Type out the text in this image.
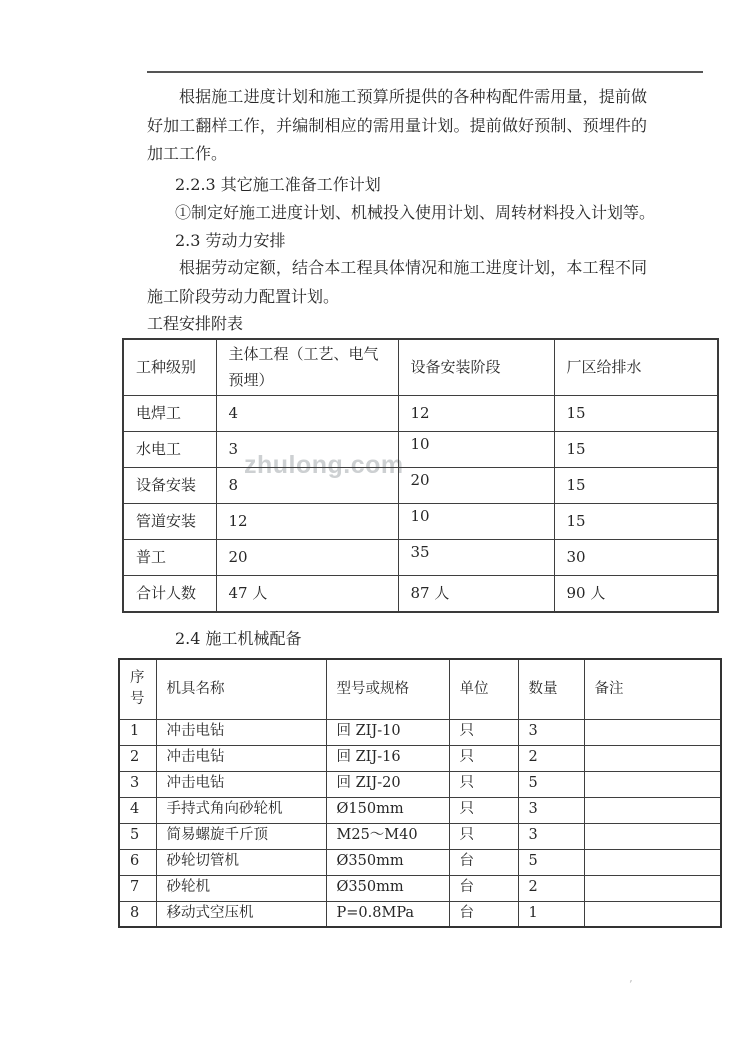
zhulong.com
根据施工进度计划和施工预算所提供的各种构配件需用量，提前做好加工翻样工作，并编制相应的需用量计划。提前做好预制、预埋件的加工工作。
2.2.3 其它施工准备工作计划
①制定好施工进度计划、机械投入使用计划、周转材料投入计划等。
2.3 劳动力安排
根据劳动定额，结合本工程具体情况和施工进度计划，本工程不同施工阶段劳动力配置计划。
工程安排附表
工种级别	主体工程（工艺、电气预埋）	设备安装阶段	厂区给排水
电焊工	4	12	15
水电工	3	10	15
设备安装	8	20	15
管道安装	12	10	15
普工	20	35	30
合计人数	47 人	87 人	90 人
2.4 施工机械配备
序号	机具名称	型号或规格	单位	数量	备注
1	冲击电钻	回 ZIJ-10	只	3	
2	冲击电钻	回 ZIJ-16	只	2	
3	冲击电钻	回 ZIJ-20	只	5	
4	手持式角向砂轮机	Ø150mm	只	3	
5	简易螺旋千斤顶	M25～M40	只	3	
6	砂轮切管机	Ø350mm	台	5	
7	砂轮机	Ø350mm	台	2	
8	移动式空压机	P=0.8MPa	台	1	
’
